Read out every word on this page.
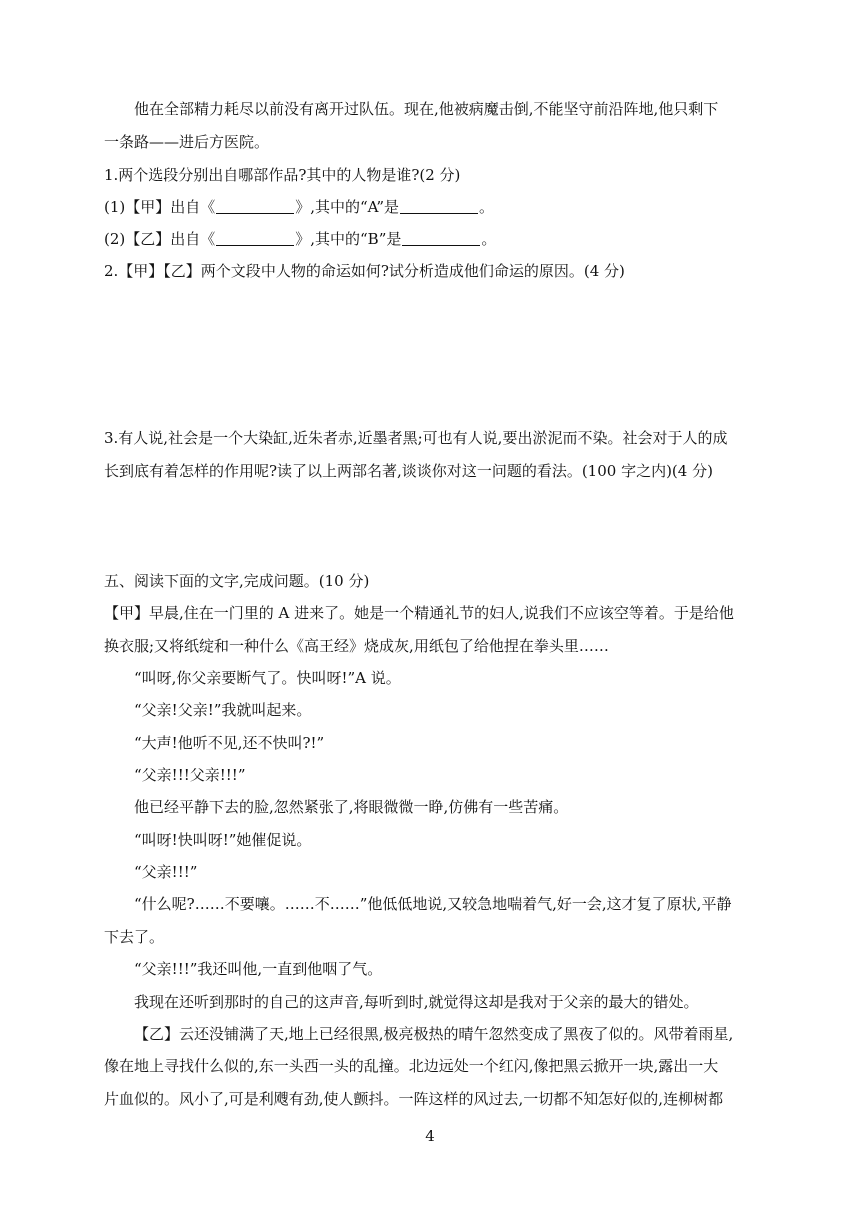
他在全部精力耗尽以前没有离开过队伍。现在,他被病魔击倒,不能坚守前沿阵地,他只剩下

一条路——进后方医院。

1.两个选段分别出自哪部作品?其中的人物是谁?(2 分)

(1)【甲】出自《	》,其中的“A”是	。

(2)【乙】出自《	》,其中的“B”是	。

2.【甲】【乙】两个文段中人物的命运如何?试分析造成他们命运的原因。(4 分)

3.有人说,社会是一个大染缸,近朱者赤,近墨者黑;可也有人说,要出淤泥而不染。社会对于人的成

长到底有着怎样的作用呢?读了以上两部名著,谈谈你对这一问题的看法。(100 字之内)(4 分)

五、阅读下面的文字,完成问题。(10 分)

【甲】早晨,住在一门里的 A 进来了。她是一个精通礼节的妇人,说我们不应该空等着。于是给他

换衣服;又将纸绽和一种什么《高王经》烧成灰,用纸包了给他捏在拳头里……

“叫呀,你父亲要断气了。快叫呀!”A 说。

“父亲!父亲!”我就叫起来。

“大声!他听不见,还不快叫?!”

“父亲!!!父亲!!!”

他已经平静下去的脸,忽然紧张了,将眼微微一睁,仿佛有一些苦痛。

“叫呀!快叫呀!”她催促说。

“父亲!!!”

“什么呢?……不要嚷。……不……”他低低地说,又较急地喘着气,好一会,这才复了原状,平静

下去了。

“父亲!!!”我还叫他,一直到他咽了气。

我现在还听到那时的自己的这声音,每听到时,就觉得这却是我对于父亲的最大的错处。

【乙】云还没铺满了天,地上已经很黑,极亮极热的晴午忽然变成了黑夜了似的。风带着雨星,

像在地上寻找什么似的,东一头西一头的乱撞。北边远处一个红闪,像把黑云掀开一块,露出一大

片血似的。风小了,可是利飕有劲,使人颤抖。一阵这样的风过去,一切都不知怎好似的,连柳树都

4
